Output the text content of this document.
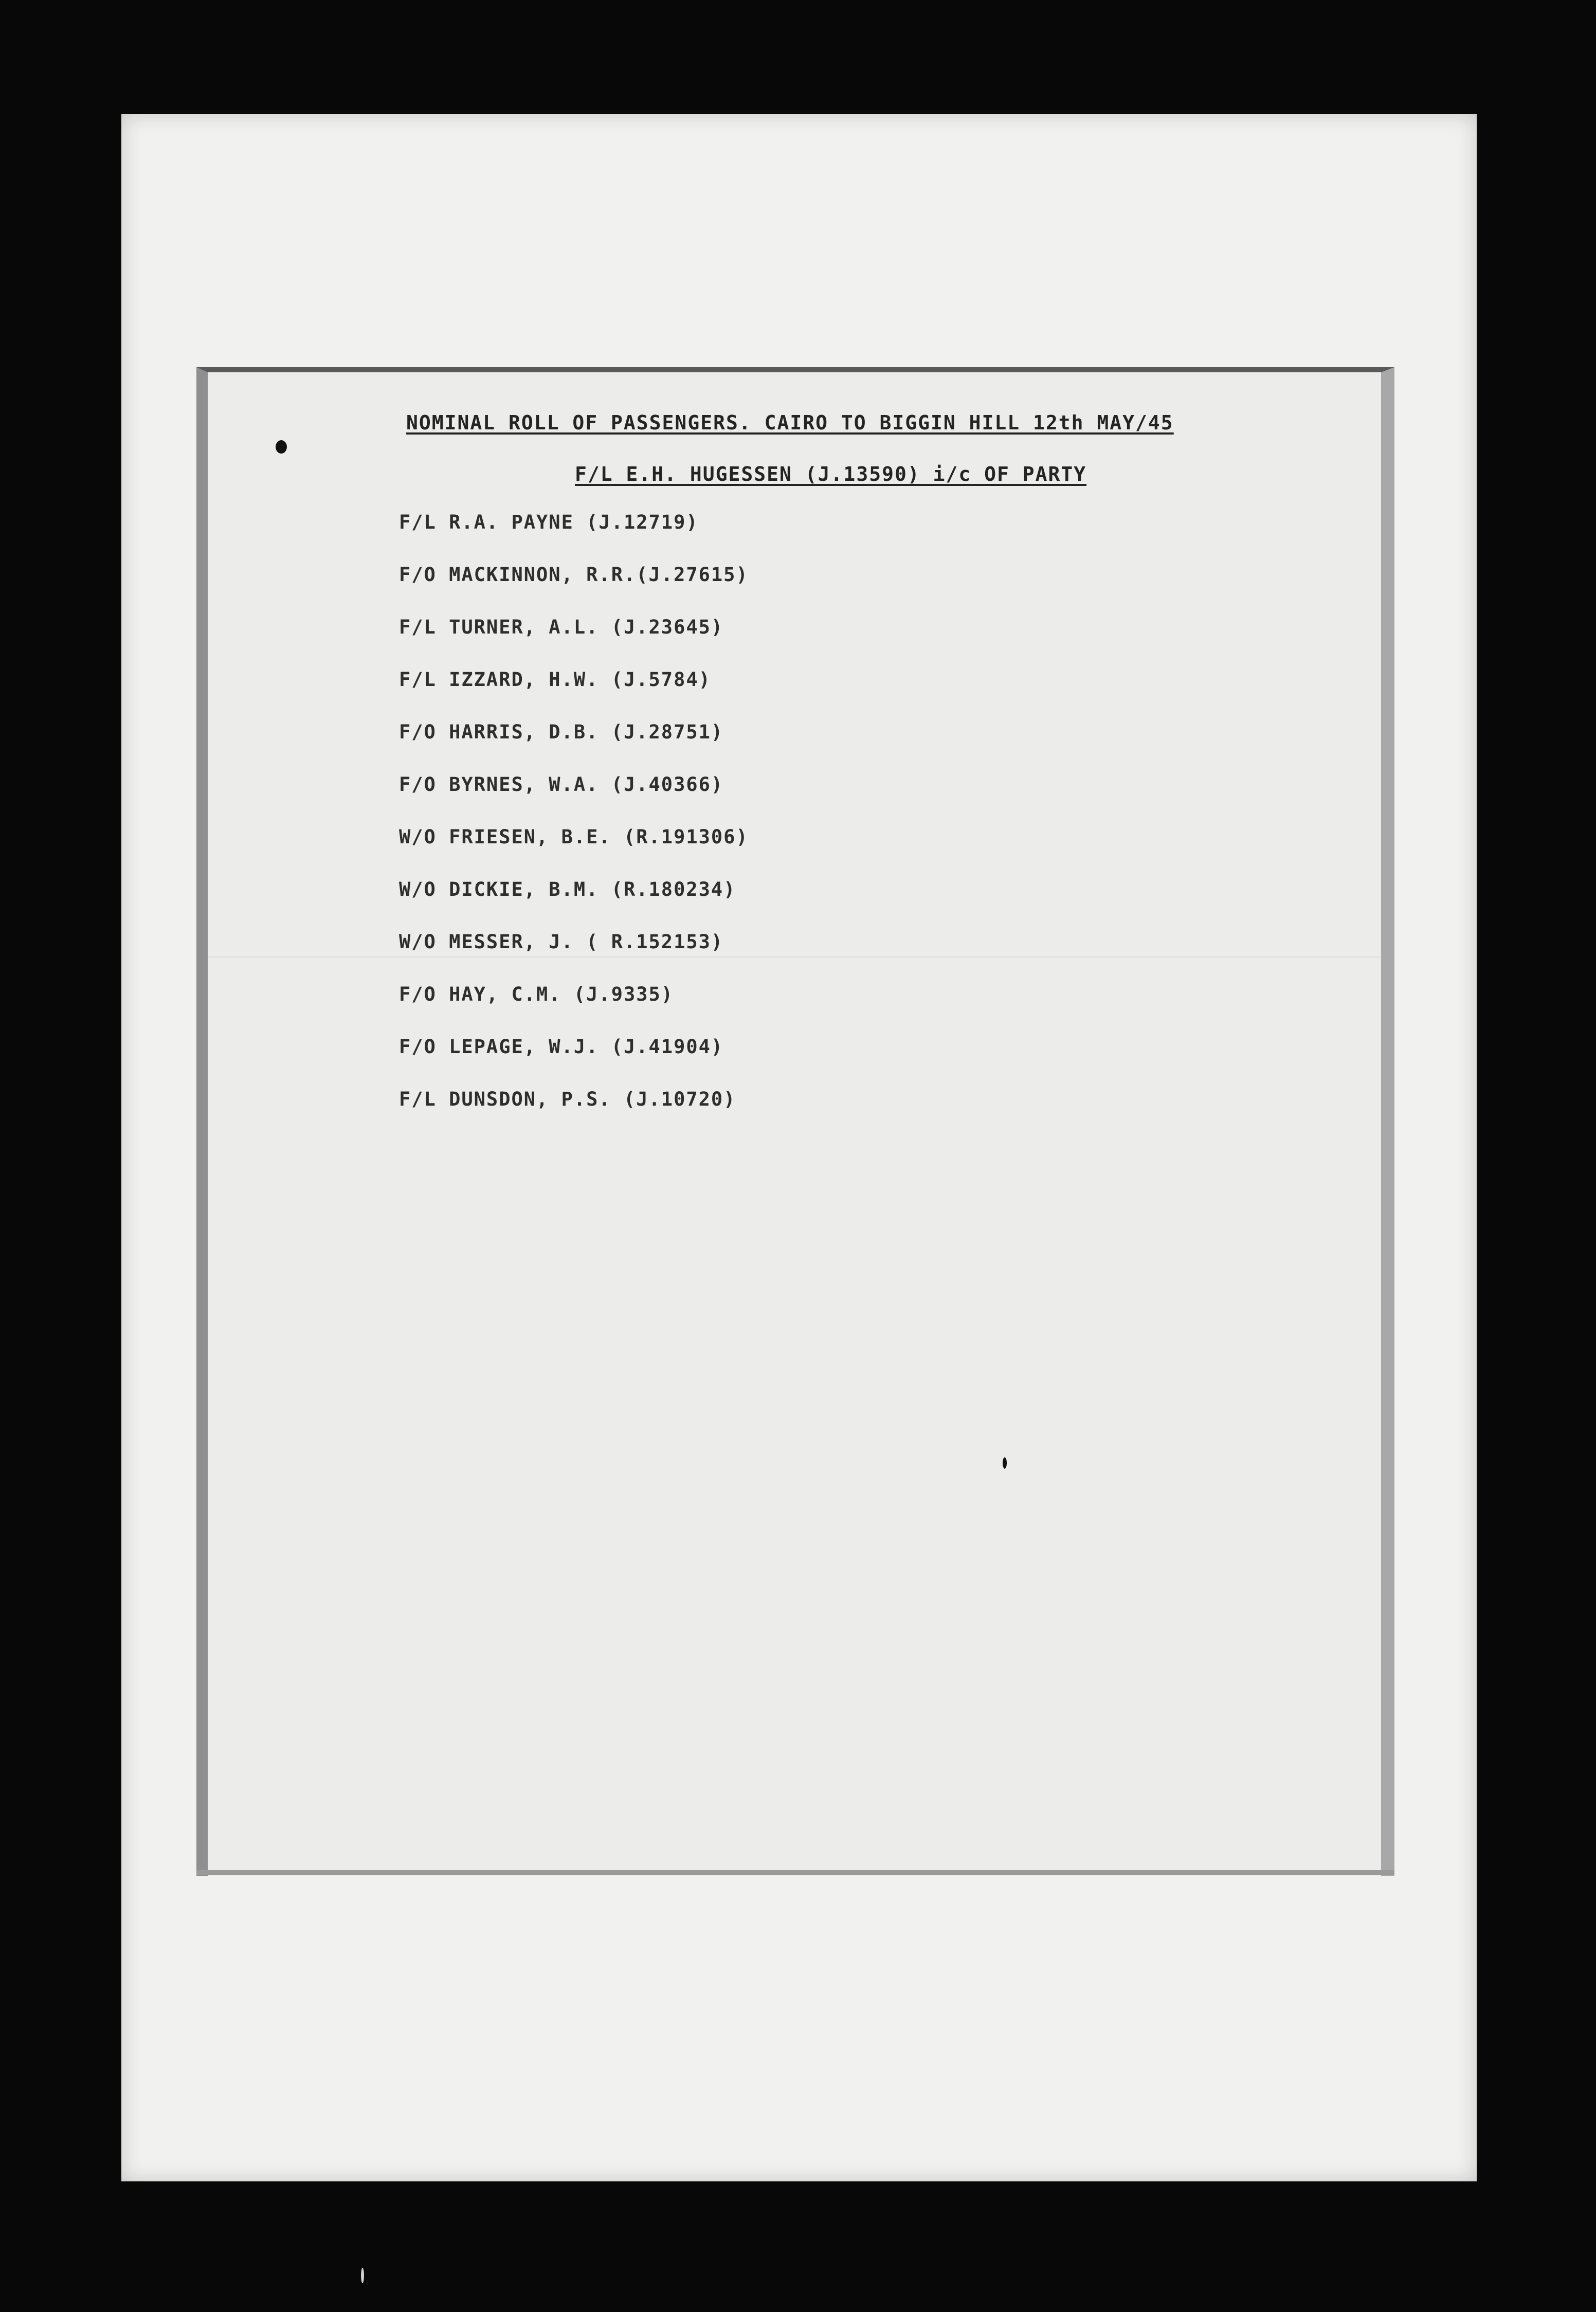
NOMINAL ROLL OF PASSENGERS. CAIRO TO BIGGIN HILL 12th MAY/45
F/L E.H. HUGESSEN (J.13590) i/c OF PARTY
F/L R.A. PAYNE (J.12719)
F/O MACKINNON, R.R.(J.27615)
F/L TURNER, A.L. (J.23645)
F/L IZZARD, H.W. (J.5784)
F/O HARRIS, D.B. (J.28751)
F/O BYRNES, W.A. (J.40366)
W/O FRIESEN, B.E. (R.191306)
W/O DICKIE, B.M. (R.180234)
W/O MESSER, J. ( R.152153)
F/O HAY, C.M. (J.9335)
F/O LEPAGE, W.J. (J.41904)
F/L DUNSDON, P.S. (J.10720)
